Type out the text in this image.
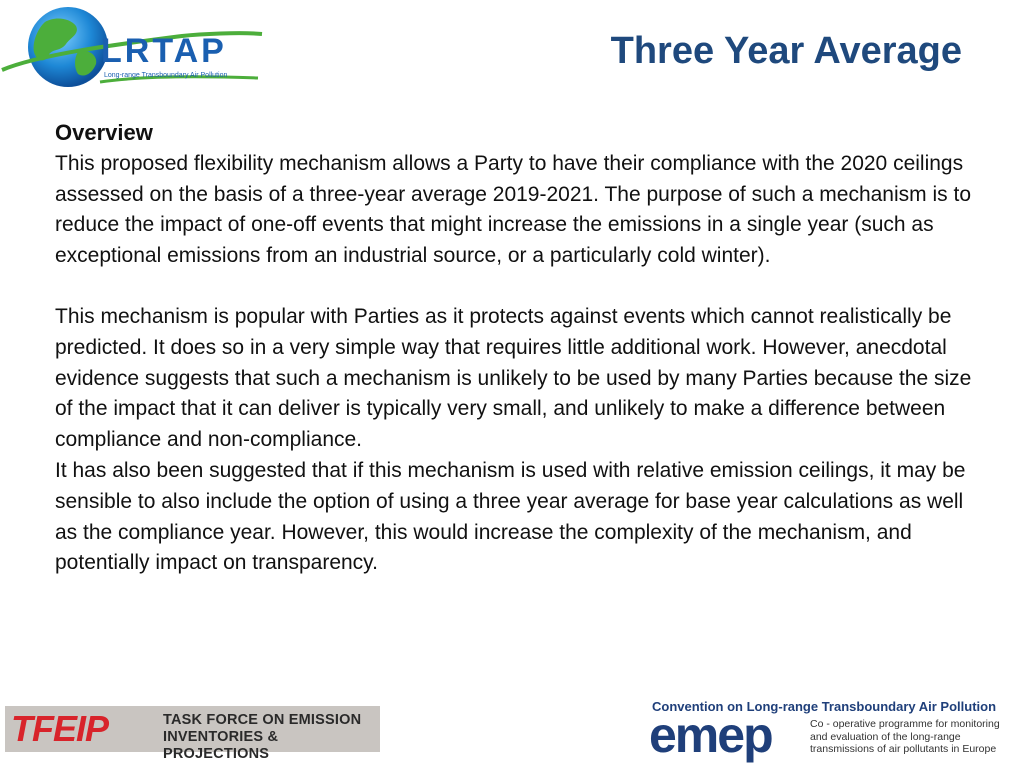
LRTAP
Long-range Transboundary Air Pollution
Three Year Average

Overview

This proposed flexibility mechanism allows a Party to have their compliance with the 2020 ceilings assessed on the basis of a three-year average 2019-2021. The purpose of such a mechanism is to reduce the impact of one-off events that might increase the emissions in a single year (such as exceptional emissions from an industrial source, or a particularly cold winter).

This mechanism is popular with Parties as it protects against events which cannot realistically be predicted. It does so in a very simple way that requires little additional work. However, anecdotal evidence suggests that such a mechanism is unlikely to be used by many Parties because the size of the impact that it can deliver is typically very small, and unlikely to make a difference between compliance and non-compliance.

It has also been suggested that if this mechanism is used with relative emission ceilings, it may be sensible to also include the option of using a three year average for base year calculations as well as the compliance year. However, this would increase the complexity of the mechanism, and potentially impact on transparency.

TFEIP	TASK FORCE ON EMISSION
INVENTORIES & PROJECTIONS
Convention on Long-range Transboundary Air Pollution
emep	Co - operative programme for monitoring
and evaluation of the long-range
transmissions of air pollutants in Europe
